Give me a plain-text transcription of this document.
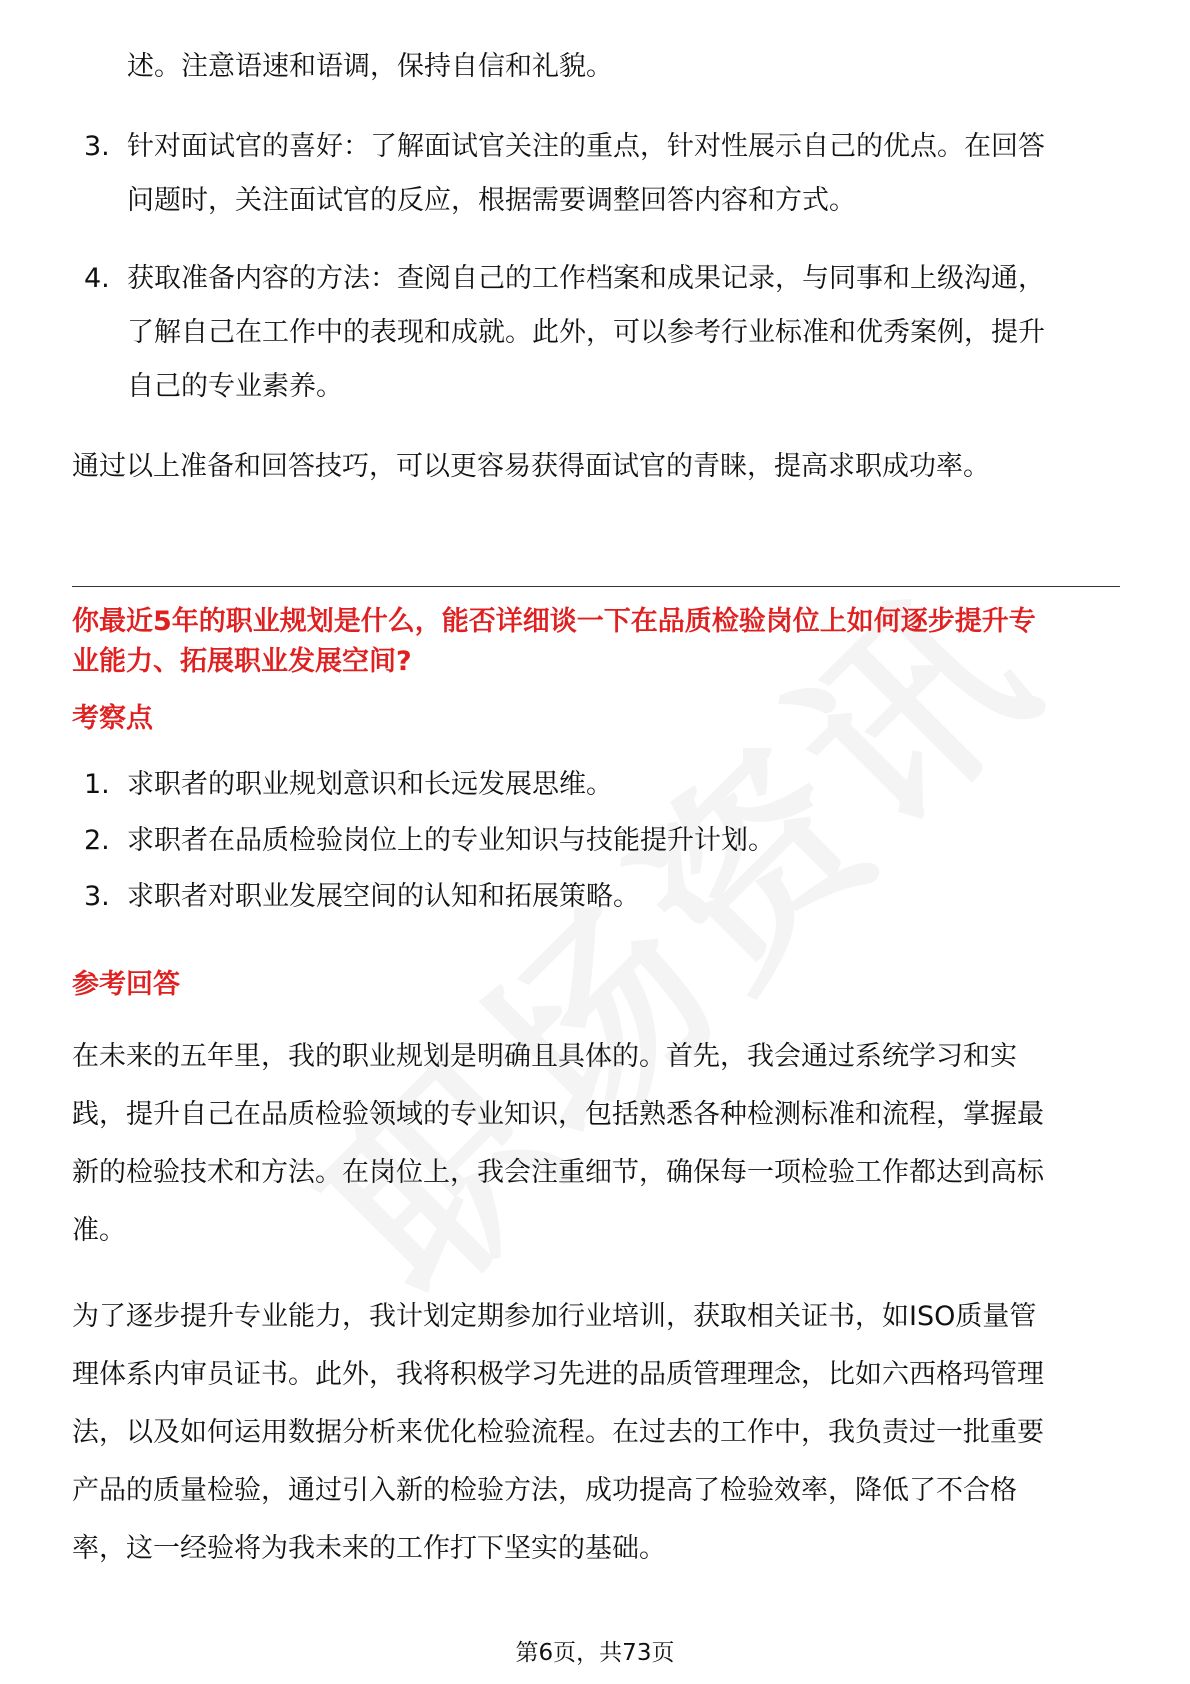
述。注意语速和语调，保持自信和礼貌。
3. 针对面试官的喜好：了解面试官关注的重点，针对性展示自己的优点。在回答
问题时，关注面试官的反应，根据需要调整回答内容和方式。
4. 获取准备内容的方法：查阅自己的工作档案和成果记录，与同事和上级沟通，
了解自己在工作中的表现和成就。此外，可以参考行业标准和优秀案例，提升
自己的专业素养。
通过以上准备和回答技巧，可以更容易获得面试官的青睐，提高求职成功率。
你最近5年的职业规划是什么，能否详细谈一下在品质检验岗位上如何逐步提升专
业能力、拓展职业发展空间?
考察点
1. 求职者的职业规划意识和长远发展思维。
2. 求职者在品质检验岗位上的专业知识与技能提升计划。
3. 求职者对职业发展空间的认知和拓展策略。
参考回答
在未来的五年里，我的职业规划是明确且具体的。首先，我会通过系统学习和实
践，提升自己在品质检验领域的专业知识，包括熟悉各种检测标准和流程，掌握最
新的检验技术和方法。在岗位上，我会注重细节，确保每一项检验工作都达到高标
准。
为了逐步提升专业能力，我计划定期参加行业培训，获取相关证书，如ISO质量管
理体系内审员证书。此外，我将积极学习先进的品质管理理念，比如六西格玛管理
法，以及如何运用数据分析来优化检验流程。在过去的工作中，我负责过一批重要
产品的质量检验，通过引入新的检验方法，成功提高了检验效率，降低了不合格
率，这一经验将为我未来的工作打下坚实的基础。
第6页，共73页
